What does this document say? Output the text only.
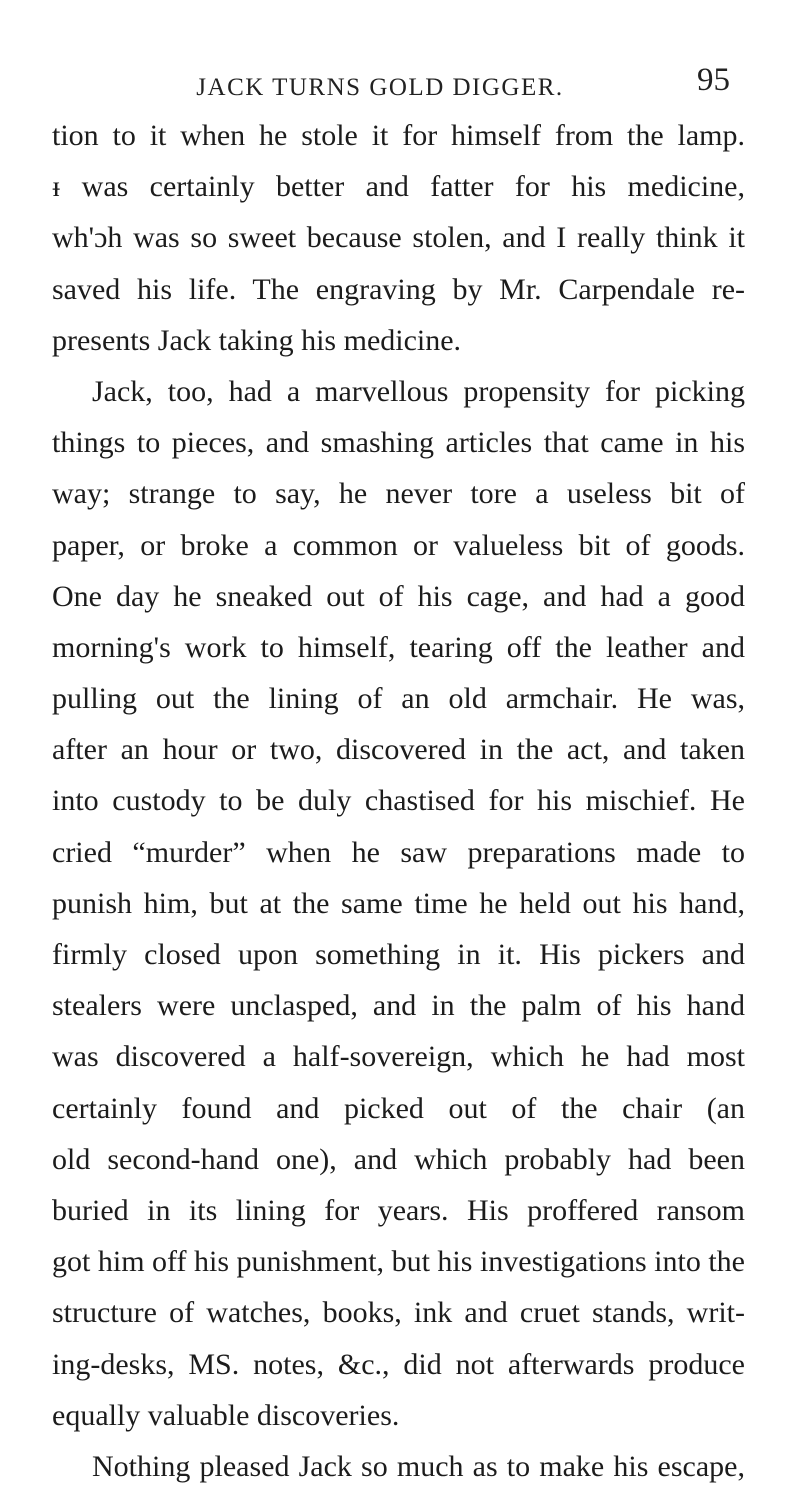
JACK TURNS GOLD DIGGER.	95
tion to it when he stole it for himself from the lamp.
ᵻ was certainly better and fatter for his medicine,
wh'ɔh was so sweet because stolen, and I really think it
saved his life. The engraving by Mr. Carpendale re-
presents Jack taking his medicine.
Jack, too, had a marvellous propensity for picking
things to pieces, and smashing articles that came in his
way; strange to say, he never tore a useless bit of
paper, or broke a common or valueless bit of goods.
One day he sneaked out of his cage, and had a good
morning's work to himself, tearing off the leather and
pulling out the lining of an old armchair. He was,
after an hour or two, discovered in the act, and taken
into custody to be duly chastised for his mischief. He
cried “murder” when he saw preparations made to
punish him, but at the same time he held out his hand,
firmly closed upon something in it. His pickers and
stealers were unclasped, and in the palm of his hand
was discovered a half-sovereign, which he had most
certainly found and picked out of the chair (an
old second-hand one), and which probably had been
buried in its lining for years. His proffered ransom
got him off his punishment, but his investigations into the
structure of watches, books, ink and cruet stands, writ-
ing-desks, MS. notes, &c., did not afterwards produce
equally valuable discoveries.
Nothing pleased Jack so much as to make his escape,
